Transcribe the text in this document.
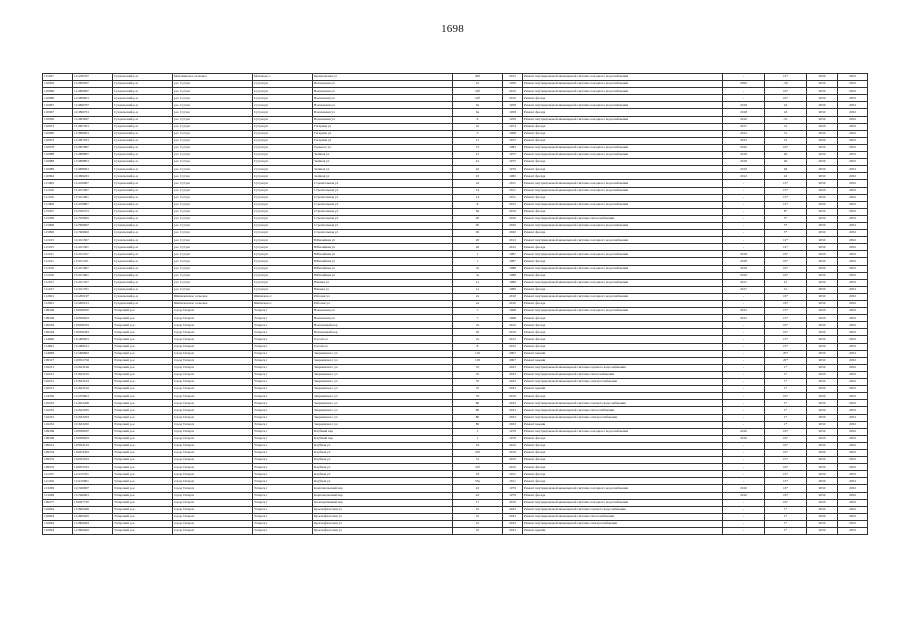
1698
111267	111226707	Суздальский р-н	Малахинское сельское	Малахово с	Центральная ул	29б	2012	Ремонт внутридомовой инженерной системы холодного водоснабжения	-	13*	2050	2052
110959	111095957	Суздальский р-н	р.п. Сугуш	Сугуш рп	Вокзальная ул	10	1959	Ремонт внутридомовой инженерной системы холодного водоснабжения	2050	-50	2050	2052
110966	111096607	Суздальский р-н	р.п. Сугуш	Сугуш рп	Вокзальная ул	10б	2010	Ремонт внутридомовой инженерной системы холодного водоснабжения	-	16*	2050	2052
110966	111096601	Суздальский р-н	р.п. Сугуш	Сугуш рп	Вокзальная ул	10б	2010	Ремонт фасада	-	16*	2050	2052
110967	111096707	Суздальский р-н	р.п. Сугуш	Сугуш рп	Вокзальная ул	6а	1958	Ремонт внутридомовой инженерной системы холодного водоснабжения	2018	16	2050	2052
110967	111096701	Суздальский р-н	р.п. Сугуш	Сугуш рп	Вокзальная ул	6а	1958	Ремонт фасада	2018	16	2050	2052
110956	111095607	Суздальский р-н	р.п. Сугуш	Сугуш рп	Вокзальная ул	9	1959	Ремонт внутридомовой инженерной системы холодного водоснабжения	2010	-51	2050	2052
110973	111097301	Суздальский р-н	р.п. Сугуш	Сугуш рп	Гагарина ул	10	1974	Ремонт фасада	2017	51	2050	2052
110960	111096001	Суздальский р-н	р.п. Сугуш	Сугуш рп	Гагарина ул	5	1968	Ремонт фасада	2012	51	2050	2052
110972	111097201	Суздальский р-н	р.п. Сугуш	Сугуш рп	Гагарина ул	11	1972	Ремонт фасада	2012	51	2050	2052
110978	111097807	Суздальский р-н	р.п. Сугуш	Сугуш рп	Горького ул	75	1983	Ремонт внутридомовой инженерной системы холодного водоснабжения	2010	16*	2050	2052
110988	111098807	Суздальский р-н	р.п. Сугуш	Сугуш рп	Зелёная ул	41	1975	Ремонт внутридомовой инженерной системы холодного водоснабжения	2018	26	2050	2052
110988	111098801	Суздальский р-н	р.п. Сугуш	Сугуш рп	Зелёная ул	41	1975	Ремонт фасада	2018	26	2050	2052
110989	111098901	Суздальский р-н	р.п. Сугуш	Сугуш рп	Зелёная ул	42	1976	Ремонт фасада	2010	26	2050	2052
110992	111099201	Суздальский р-н	р.п. Сугуш	Сугуш рп	Зелёная ул	45	1982	Ремонт фасада	2012	22	2050	2052
111009	111100907	Суздальский р-н	р.п. Сугуш	Сугуш рп	Строительная ул	10	2011	Ремонт внутридомовой инженерной системы холодного водоснабжения	-	13*	2050	2052
111010	111101007	Суздальский р-н	р.п. Сугуш	Сугуш рп	Строительная ул	14	2011	Ремонт внутридомовой инженерной системы холодного водоснабжения	-	13*	2050	2052
111010	111101001	Суздальский р-н	р.п. Сугуш	Сугуш рп	Строительная ул	14	2011	Ремонт фасада	-	13*	2050	2052
111008	111100807	Суздальский р-н	р.п. Сугуш	Сугуш рп	Строительная ул	8	2012	Ремонт внутридомовой инженерной системы холодного водоснабжения	-	13*	2050	2052
115507	111550701	Суздальский р-н	р.п. Сугуш	Сугуш рп	Строительная ул	8а	2016	Ремонт фасада	-	8*	2050	2052
115506	111550605	Суздальский р-н	р.п. Сугуш	Сугуш рп	Строительная ул	9б	2020	Ремонт внутридомовой инженерной системы теплоснабжения	-	3*	2050	2052
115996	111599607	Суздальский р-н	р.п. Сугуш	Сугуш рп	Строительная ул	9б	2020	Ремонт внутридомовой инженерной системы холодного водоснабжения	-	3*	2050	2052
115996	111599602	Суздальский р-н	р.п. Сугуш	Сугуш рп	Строительная ул	9б	2020	Ремонт фасада	-	3*	2050	2052
111015	111101507	Суздальский р-н	р.п. Сугуш	Сугуш рп	Юбилейная ул	20	2012	Ремонт внутридомовой инженерной системы холодного водоснабжения	-	12*	2050	2052
111015	111101501	Суздальский р-н	р.п. Сугуш	Сугуш рп	Юбилейная ул	20	2012	Ремонт фасада	-	12*	2050	2052
111011	111101107	Суздальский р-н	р.п. Сугуш	Сугуш рп	Юбилейная ул	1	1987	Ремонт внутридомовой инженерной системы холодного водоснабжения	2018	16*	2050	2052
111011	111101101	Суздальский р-н	р.п. Сугуш	Сугуш рп	Юбилейная ул	1	1987	Ремонт фасада	2018	16*	2050	2052
111016	111101607	Суздальский р-н	р.п. Сугуш	Сугуш рп	Юбилейная ул	3а	1988	Ремонт внутридомовой инженерной системы холодного водоснабжения	2019	16*	2050	2052
111016	111101601	Суздальский р-н	р.п. Сугуш	Сугуш рп	Юбилейная ул	3а	1988	Ремонт фасада	2019	16*	2050	2052
111017	111101707	Суздальский р-н	р.п. Сугуш	Сугуш рп	Южная ул	1а	1989	Ремонт внутридомовой инженерной системы холодного водоснабжения	2017	21	2050	2052
111017	111101701	Суздальский р-н	р.п. Сугуш	Сугуш рп	Южная ул	1а	1989	Ремонт фасада	2017	21	2050	2052
112001	111200107	Суздальский р-н	Шипиловское сельское	Шипилово с	Рабочая ул	2а	2010	Ремонт внутридомовой инженерной системы холодного водоснабжения	-	16*	2050	2052
112001	111200101	Суздальский р-н	Шипиловское сельское	Шипилово с	Рабочая ул	2а	2010	Ремонт фасада	-	16*	2050	2052
109506	110950607	Татарский р-н	город Татарск	Татарск г	Вокзальная ул	7	1968	Ремонт внутридомовой инженерной системы холодного водоснабжения	2012	13*	2050	2052
109506	110950601	Татарский р-н	город Татарск	Татарск г	Вокзальная ул	7	1968	Ремонт фасада	2012	13*	2050	2052
109563	110956301	Татарский р-н	город Татарск	Татарск г	Вокзальный пер	2а	2010	Ремонт фасада	-	16*	2050	2052
109564	110956401	Татарский р-н	город Татарск	Татарск г	Вокзальный пер	2б	2010	Ремонт фасада	-	16*	2050	2052
114690	111469001	Татарский р-н	город Татарск	Татарск г	Гоголя ул	2а	2012	Ремонт фасада	-	13*	2050	2052
114691	111469101	Татарский р-н	город Татарск	Татарск г	Гоголя ул	8	2012	Ремонт фасада	-	13*	2050	2052
114698	111469802	Татарский р-н	город Татарск	Татарск г	Закраинского ул	116	2007	Ремонт крыши	-	20*	2050	2052
109527	110952702	Татарский р-н	город Татарск	Татарск г	Закраинского ул	118	2007	Ремонт крыши	-	20*	2050	2052
116231	111623106	Татарский р-н	город Татарск	Татарск г	Закраинского ул	35	2023	Ремонт внутридомовой инженерной системы горячего водоснабжения	-	1*	2050	2052
116231	111623105	Татарский р-н	город Татарск	Татарск г	Закраинского ул	35	2023	Ремонт внутридомовой инженерной системы теплоснабжения	-	1*	2050	2052
116231	111623103	Татарский р-н	город Татарск	Татарск г	Закраинского ул	35	2023	Ремонт внутридомовой инженерной системы электроснабжения	-	1*	2050	2052
116231	111623102	Татарский р-н	город Татарск	Татарск г	Закраинского ул	35	2023	Ремонт крыши	-	1*	2050	2052
114796	111479601	Татарский р-н	город Татарск	Татарск г	Закраинского ул	79	2010	Ремонт фасада	-	16*	2050	2052
116232	111623206	Татарский р-н	город Татарск	Татарск г	Закраинского ул	80	2023	Ремонт внутридомовой инженерной системы горячего водоснабжения	-	1*	2050	2052
116232	111623205	Татарский р-н	город Татарск	Татарск г	Закраинского ул	80	2023	Ремонт внутридомовой инженерной системы теплоснабжения	-	1*	2050	2052
116232	111623203	Татарский р-н	город Татарск	Татарск г	Закраинского ул	80	2023	Ремонт внутридомовой инженерной системы электроснабжения	-	1*	2050	2052
116232	111623202	Татарский р-н	город Татарск	Татарск г	Закраинского ул	80	2023	Ремонт крыши	-	1*	2050	2052
109569	110956907	Татарский р-н	город Татарск	Татарск г	Клубный пер	1	1979	Ремонт внутридомовой инженерной системы холодного водоснабжения	2010	16*	2050	2052
109569	110956901	Татарский р-н	город Татарск	Татарск г	Клубный пер	1	1979	Ремонт фасада	2010	16*	2050	2052
109541	110954101	Татарский р-н	город Татарск	Татарск г	Клубная ул	19	2010	Ремонт фасада	-	16*	2050	2052
109534	110953401	Татарский р-н	город Татарск	Татарск г	Клубная ул	23б	2010	Ремонт фасада	-	16*	2050	2052
109532	110953201	Татарский р-н	город Татарск	Татарск г	Клубная ул	31	2010	Ремонт фасада	-	15*	2050	2052
109535	110953501	Татарский р-н	город Татарск	Татарск г	Клубная ул	31б	2010	Ремонт фасада	-	16*	2050	2052
111257	111125701	Татарский р-н	город Татарск	Татарск г	Клубная ул	33	2011	Ремонт фасада	-	13*	2050	2052
111256	111125601	Татарский р-н	город Татарск	Татарск г	Клубная ул	33а	2011	Ремонт фасада	-	13*	2050	2052
113269	111326907	Татарский р-н	город Татарск	Татарск г	Комсомольский пер	43	1979	Ремонт внутридомовой инженерной системы холодного водоснабжения	2010	16*	2050	2052
113269	111326901	Татарский р-н	город Татарск	Татарск г	Комсомольский пер	43	1979	Ремонт фасада	2010	16*	2050	2052
109277	110927707	Татарский р-н	город Татарск	Татарск г	Кооперативный пер	17	2010	Ремонт внутридомовой инженерной системы холодного водоснабжения	-	16*	2050	2052
116094	111609406	Татарский р-н	город Татарск	Татарск г	Краснофлотская ул	10	2023	Ремонт внутридомовой инженерной системы горячего водоснабжения	-	1*	2050	2052
116094	111609405	Татарский р-н	город Татарск	Татарск г	Краснофлотская ул	10	2023	Ремонт внутридомовой инженерной системы теплоснабжения	-	1*	2050	2052
116094	111609403	Татарский р-н	город Татарск	Татарск г	Краснофлотская ул	10	2023	Ремонт внутридомовой инженерной системы электроснабжения	-	1*	2050	2052
116094	111609402	Татарский р-н	город Татарск	Татарск г	Краснофлотская ул	10	2023	Ремонт крыши	-	1*	2050	2052
